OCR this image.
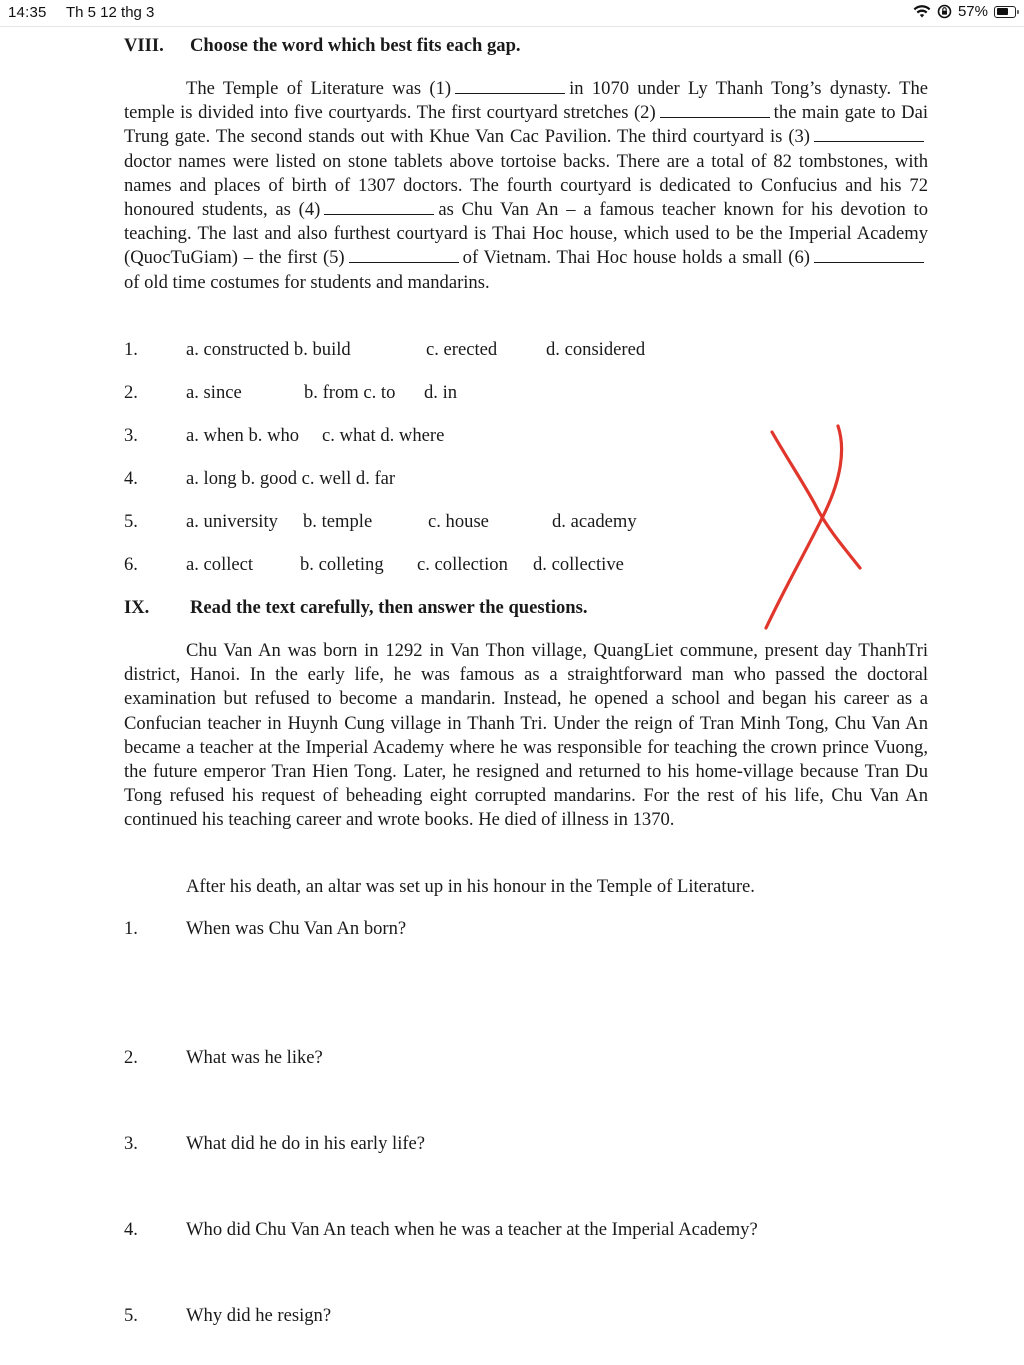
14:35 Th 5 12 thg 3	57%
VIII. Choose the word which best fits each gap.

The Temple of Literature was (1)	in 1070 under Ly Thanh Tong’s dynasty. The temple is divided into five courtyards. The first courtyard stretches (2)	the main gate to Dai Trung gate. The second stands out with Khue Van Cac Pavilion. The third courtyard is (3)doctor names were listed on stone tablets above tortoise backs. There are a total of 82 tombstones, with names and places of birth of 1307 doctors. The fourth courtyard is dedicated to Confucius and his 72 honoured students, as (4)	as Chu Van An – a famous teacher known for his devotion to teaching. The last and also furthest courtyard is Thai Hoc house, which used to be the Imperial Academy (QuocTuGiam) – the first (5)	of Vietnam. Thai Hoc house holds a small (6)of old time costumes for students and mandarins.

1.	a. constructed b. build	c. erected	d. considered
2.	a. since	b. from c. to d. in
3.	a. when b. who c. what d. where
4.	a. long b. good c. well d. far
5.	a. university b. temple	c. house	d. academy
6.	a. collect	b. colleting c. collection d. collective
IX. Read the text carefully, then answer the questions.

Chu Van An was born in 1292 in Van Thon village, QuangLiet commune, present day ThanhTri district, Hanoi. In the early life, he was famous as a straightforward man who passed the doctoral examination but refused to become a mandarin. Instead, he opened a school and began his career as a Confucian teacher in Huynh Cung village in Thanh Tri. Under the reign of Tran Minh Tong, Chu Van An became a teacher at the Imperial Academy where he was responsible for teaching the crown prince Vuong, the future emperor Tran Hien Tong. Later, he resigned and returned to his home-village because Tran Du Tong refused his request of beheading eight corrupted mandarins. For the rest of his life, Chu Van An continued his teaching career and wrote books. He died of illness in 1370.

After his death, an altar was set up in his honour in the Temple of Literature.

1.	When was Chu Van An born?
2.	What was he like?
3.	What did he do in his early life?
4.	Who did Chu Van An teach when he was a teacher at the Imperial Academy?
5.	Why did he resign?
